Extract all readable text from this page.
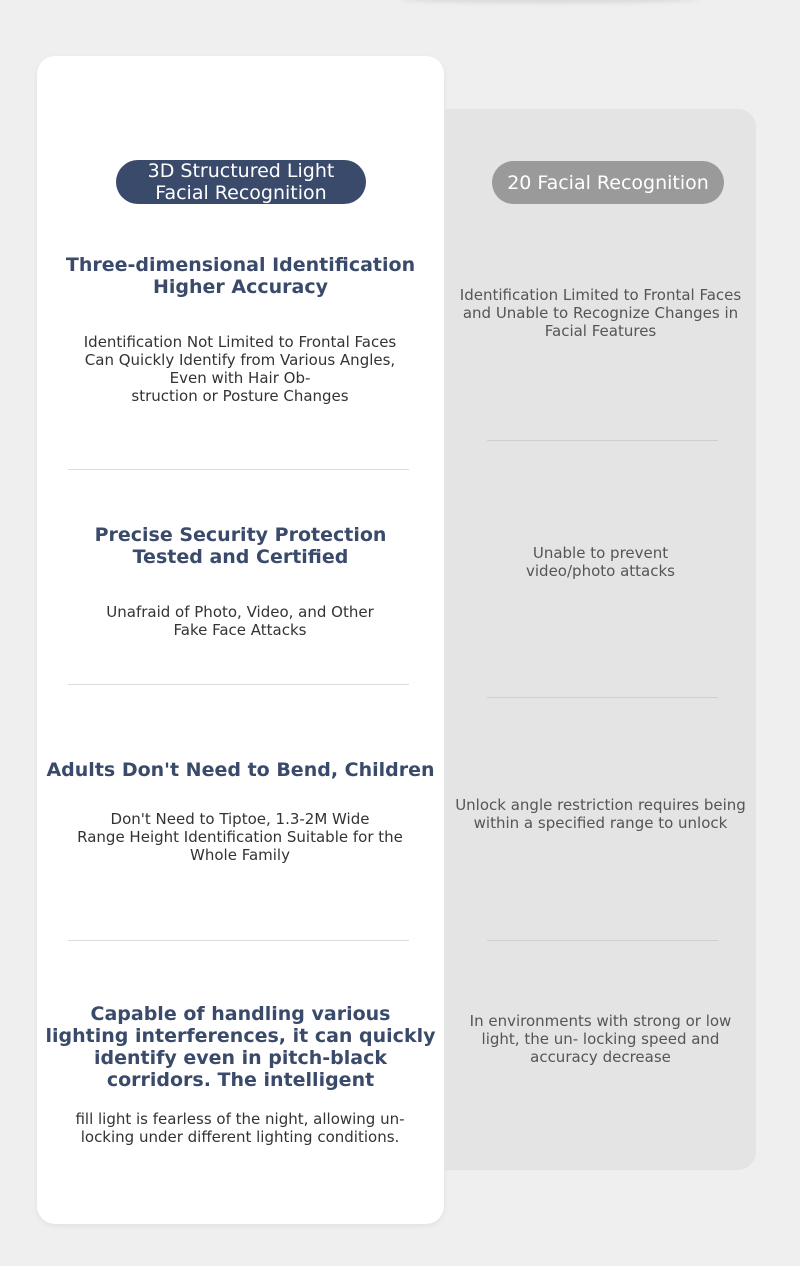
3D Structured Light
Facial Recognition	20 Facial Recognition
Three-dimensional Identification
Higher Accuracy
Identification Not Limited to Frontal Faces
Can Quickly Identify from Various Angles,
Even with Hair Ob-
struction or Posture Changes
Identification Limited to Frontal Faces
and Unable to Recognize Changes in
Facial Features
Precise Security Protection
Tested and Certified
Unafraid of Photo, Video, and Other
Fake Face Attacks
Unable to prevent
video/photo attacks
Adults Don't Need to Bend, Children
Don't Need to Tiptoe, 1.3-2M Wide
Range Height Identification Suitable for the
Whole Family
Unlock angle restriction requires being
within a specified range to unlock
Capable of handling various
lighting interferences, it can quickly
identify even in pitch-black
corridors. The intelligent
fill light is fearless of the night, allowing un-
locking under different lighting conditions.
In environments with strong or low
light, the un- locking speed and
accuracy decrease
